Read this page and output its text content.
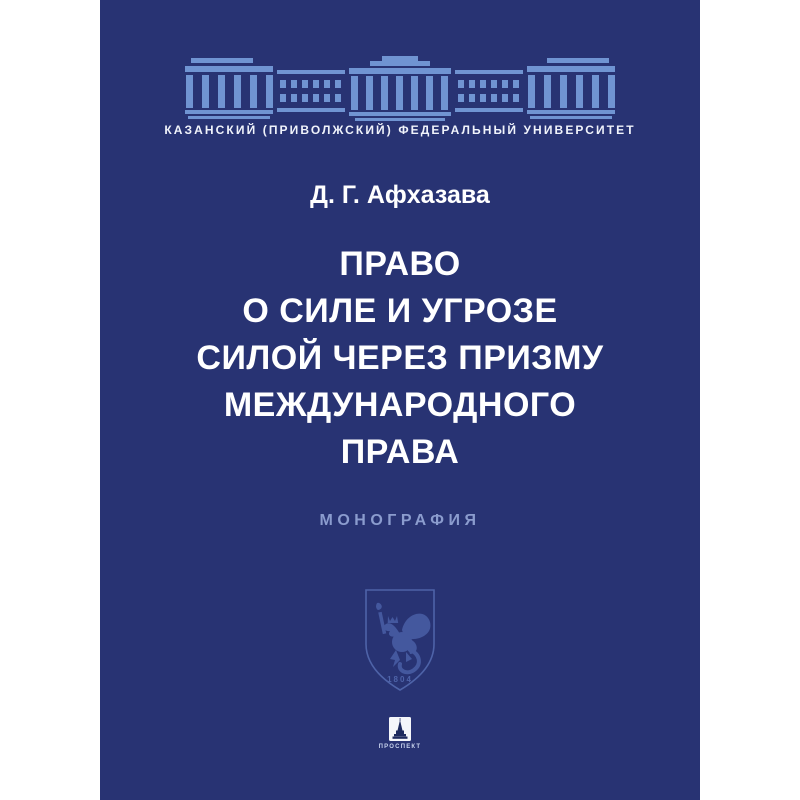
КАЗАНСКИЙ (ПРИВОЛЖСКИЙ) ФЕДЕРАЛЬНЫЙ УНИВЕРСИТЕТ
Д. Г. Афхазава
ПРАВО
О СИЛЕ И УГРОЗЕ
СИЛОЙ ЧЕРЕЗ ПРИЗМУ
МЕЖДУНАРОДНОГО
ПРАВА
МОНОГРАФИЯ
1804
ПРОСПЕКТ
